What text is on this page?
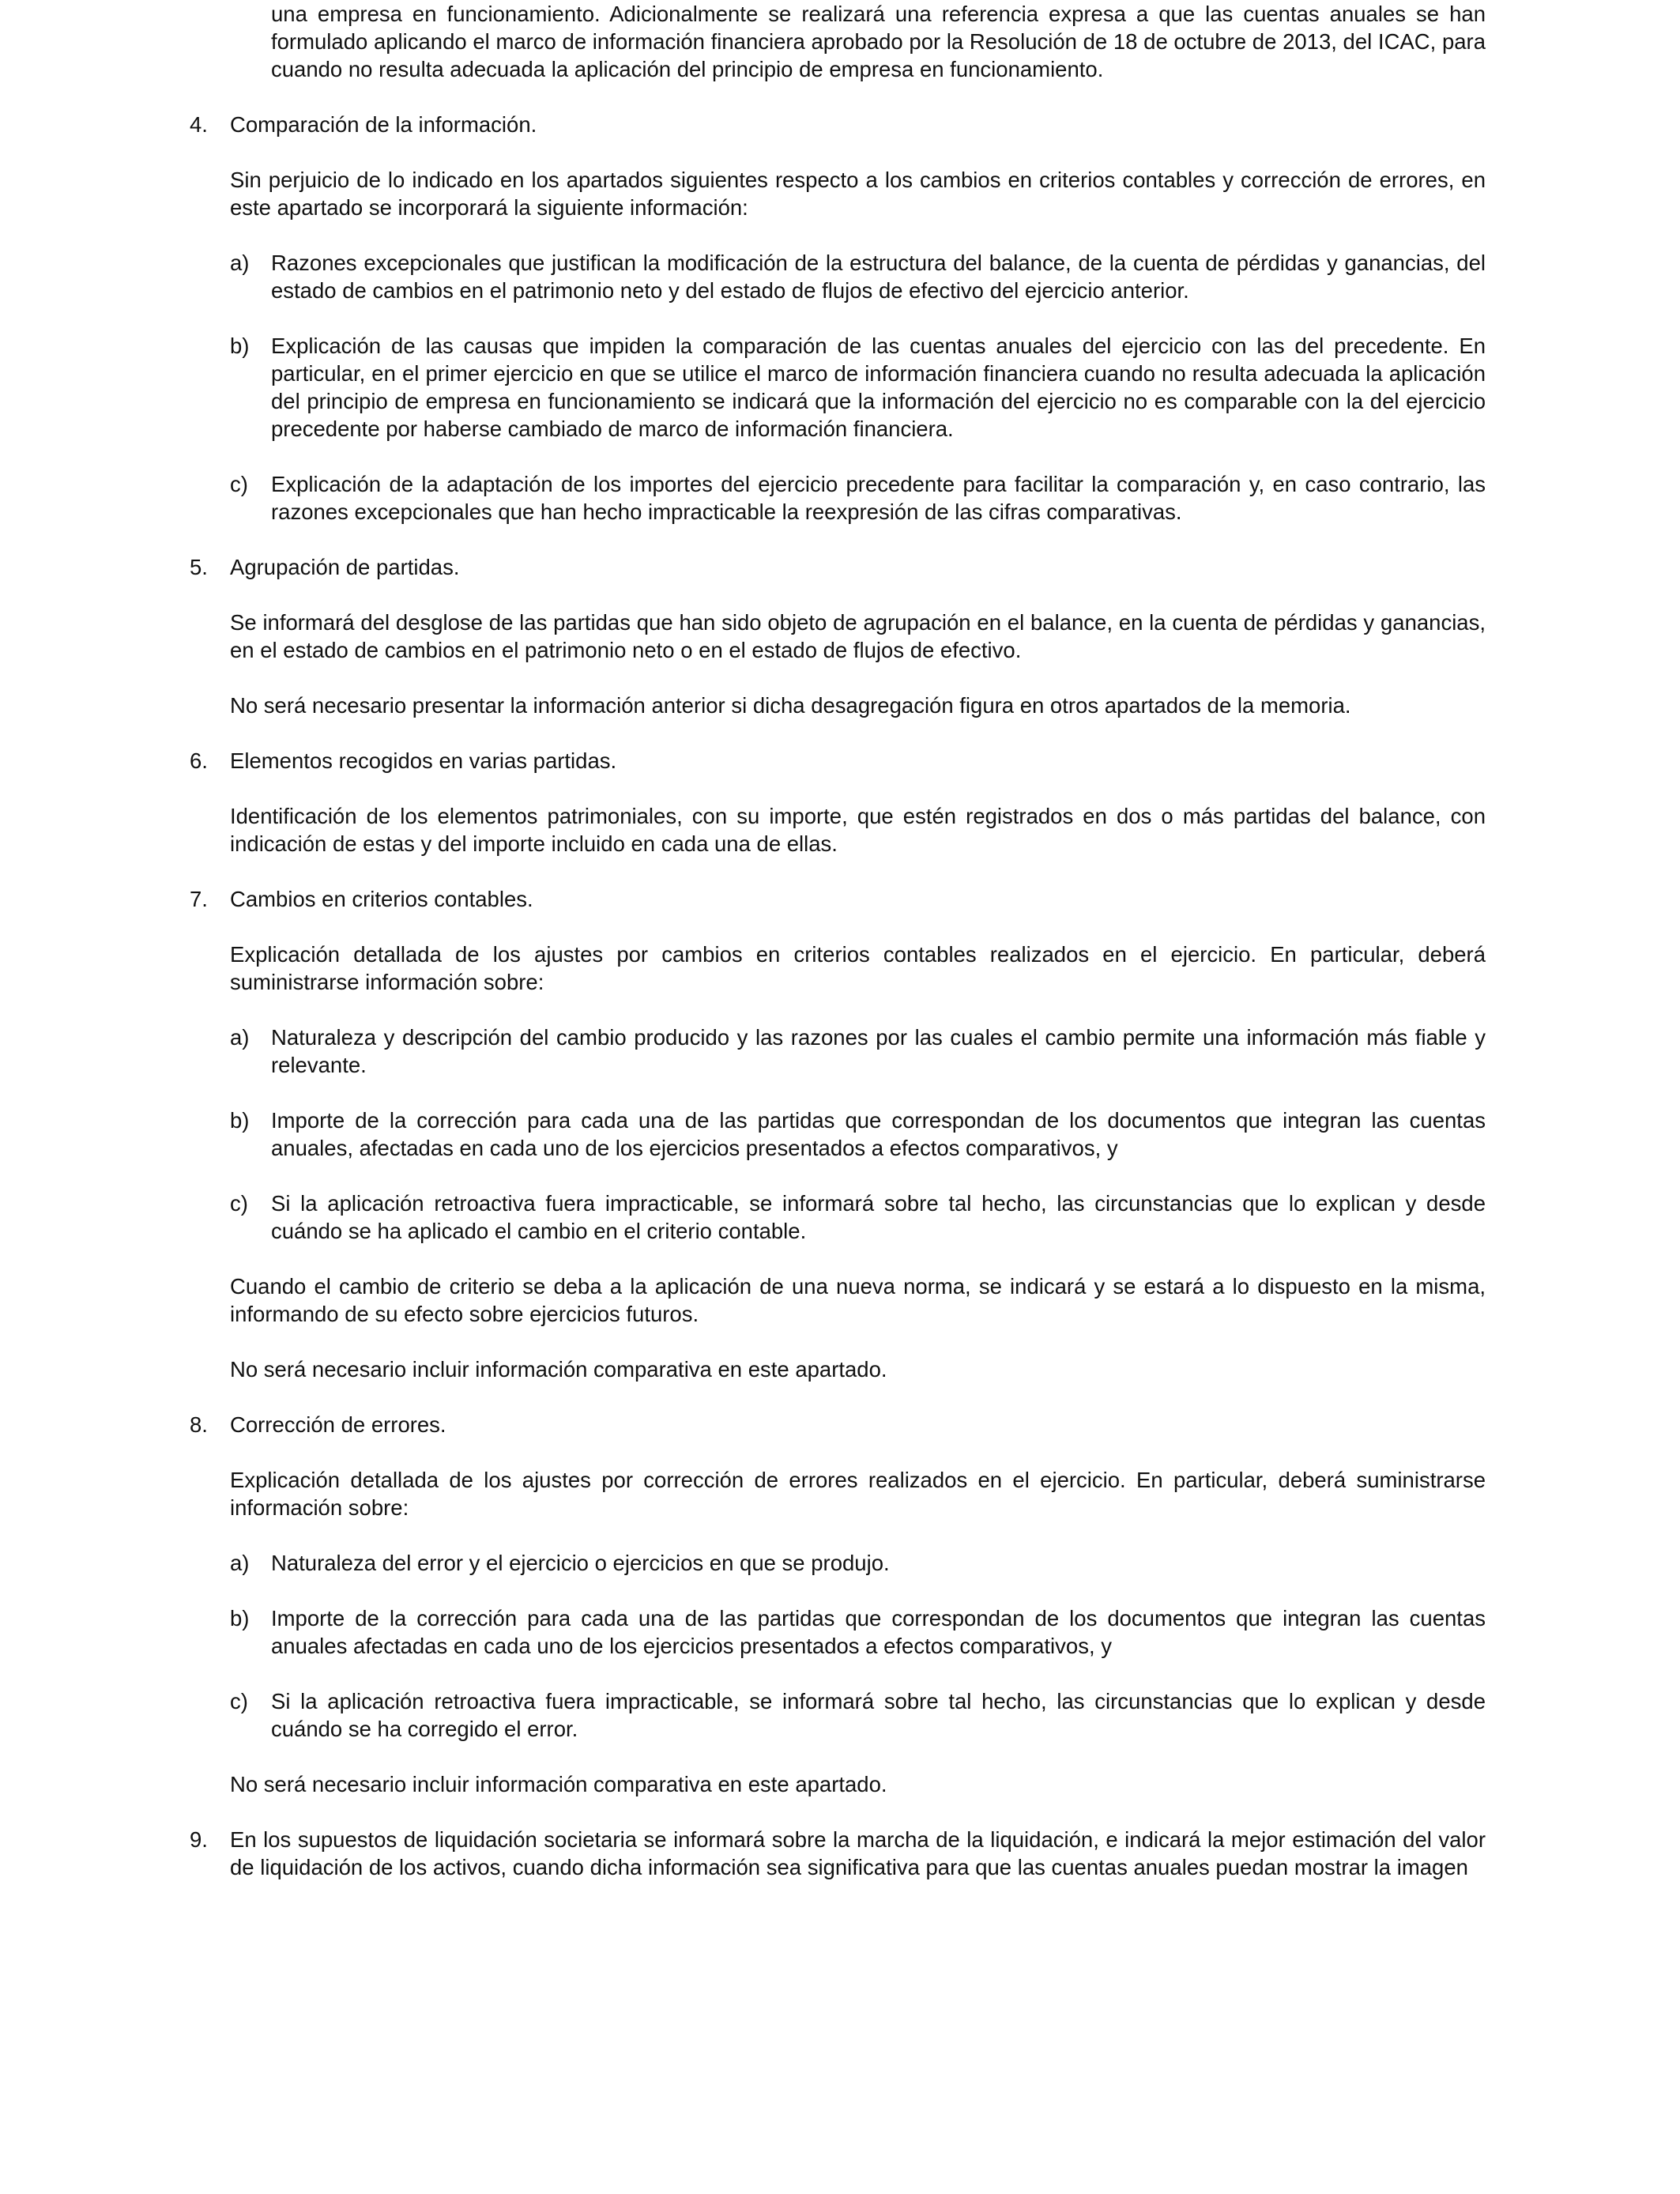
una empresa en funcionamiento. Adicionalmente se realizará una referencia expresa a que las cuentas anuales se han formulado aplicando el marco de información financiera aprobado por la Resolución de 18 de octubre de 2013, del ICAC, para cuando no resulta adecuada la aplicación del principio de empresa en funcionamiento.

4. Comparación de la información.

Sin perjuicio de lo indicado en los apartados siguientes respecto a los cambios en criterios contables y corrección de errores, en este apartado se incorporará la siguiente información:

a) Razones excepcionales que justifican la modificación de la estructura del balance, de la cuenta de pérdidas y ganancias, del estado de cambios en el patrimonio neto y del estado de flujos de efectivo del ejercicio anterior.

b) Explicación de las causas que impiden la comparación de las cuentas anuales del ejercicio con las del precedente. En particular, en el primer ejercicio en que se utilice el marco de información financiera cuando no resulta adecuada la aplicación del principio de empresa en funcionamiento se indicará que la información del ejercicio no es comparable con la del ejercicio precedente por haberse cambiado de marco de información financiera.

c) Explicación de la adaptación de los importes del ejercicio precedente para facilitar la comparación y, en caso contrario, las razones excepcionales que han hecho impracticable la reexpresión de las cifras comparativas.

5. Agrupación de partidas.

Se informará del desglose de las partidas que han sido objeto de agrupación en el balance, en la cuenta de pérdidas y ganancias, en el estado de cambios en el patrimonio neto o en el estado de flujos de efectivo.

No será necesario presentar la información anterior si dicha desagregación figura en otros apartados de la memoria.

6. Elementos recogidos en varias partidas.

Identificación de los elementos patrimoniales, con su importe, que estén registrados en dos o más partidas del balance, con indicación de estas y del importe incluido en cada una de ellas.

7. Cambios en criterios contables.

Explicación detallada de los ajustes por cambios en criterios contables realizados en el ejercicio. En particular, deberá suministrarse información sobre:

a) Naturaleza y descripción del cambio producido y las razones por las cuales el cambio permite una información más fiable y relevante.

b) Importe de la corrección para cada una de las partidas que correspondan de los documentos que integran las cuentas anuales, afectadas en cada uno de los ejercicios presentados a efectos comparativos, y

c) Si la aplicación retroactiva fuera impracticable, se informará sobre tal hecho, las circunstancias que lo explican y desde cuándo se ha aplicado el cambio en el criterio contable.

Cuando el cambio de criterio se deba a la aplicación de una nueva norma, se indicará y se estará a lo dispuesto en la misma, informando de su efecto sobre ejercicios futuros.

No será necesario incluir información comparativa en este apartado.

8. Corrección de errores.

Explicación detallada de los ajustes por corrección de errores realizados en el ejercicio. En particular, deberá suministrarse información sobre:

a) Naturaleza del error y el ejercicio o ejercicios en que se produjo.

b) Importe de la corrección para cada una de las partidas que correspondan de los documentos que integran las cuentas anuales afectadas en cada uno de los ejercicios presentados a efectos comparativos, y

c) Si la aplicación retroactiva fuera impracticable, se informará sobre tal hecho, las circunstancias que lo explican y desde cuándo se ha corregido el error.

No será necesario incluir información comparativa en este apartado.

9. En los supuestos de liquidación societaria se informará sobre la marcha de la liquidación, e indicará la mejor estimación del valor de liquidación de los activos, cuando dicha información sea significativa para que las cuentas anuales puedan mostrar la imagen
